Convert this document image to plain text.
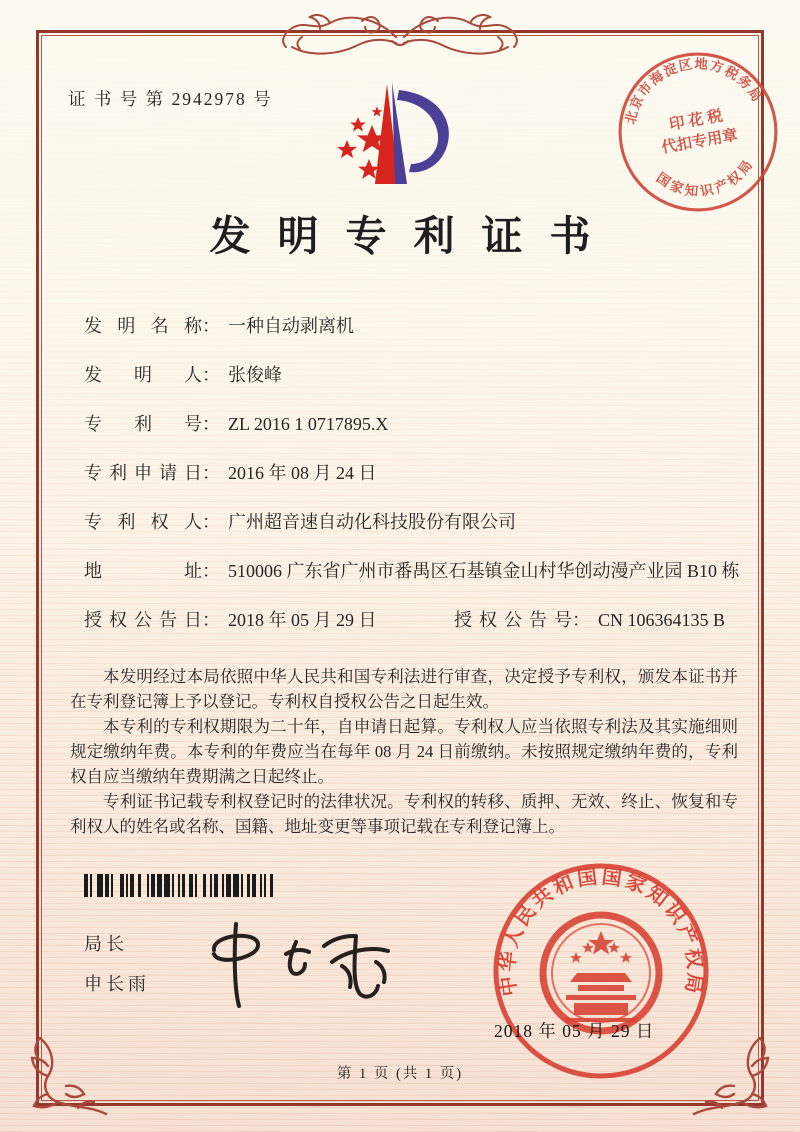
证 书 号 第 2942978 号
北京市海淀区地方税务局
国家知识产权局
印 花 税
代扣专用章
发明专利证书
发明名称 ： 一种自动剥离机
发明人 ： 张俊峰
专利号 ： ZL 2016 1 0717895.X
专利申请日 ： 2016 年 08 月 24 日
专利权人 ： 广州超音速自动化科技股份有限公司
地址 ： 510006 广东省广州市番禺区石基镇金山村华创动漫产业园 B10 栋
授权公告日 ： 2018 年 05 月 29 日	授权公告号 ： CN 106364135 B

本发明经过本局依照中华人民共和国专利法进行审查，决定授予专利权，颁发本证书并在专利登记簿上予以登记。专利权自授权公告之日起生效。

本专利的专利权期限为二十年，自申请日起算。专利权人应当依照专利法及其实施细则规定缴纳年费。本专利的年费应当在每年 08 月 24 日前缴纳。未按照规定缴纳年费的，专利权自应当缴纳年费期满之日起终止。

专利证书记载专利权登记时的法律状况。专利权的转移、质押、无效、终止、恢复和专利权人的姓名或名称、国籍、地址变更等事项记载在专利登记簿上。

局长
申长雨	中华人民共和国国家知识产权局
2018 年 05 月 29 日
第 1 页 (共 1 页)
